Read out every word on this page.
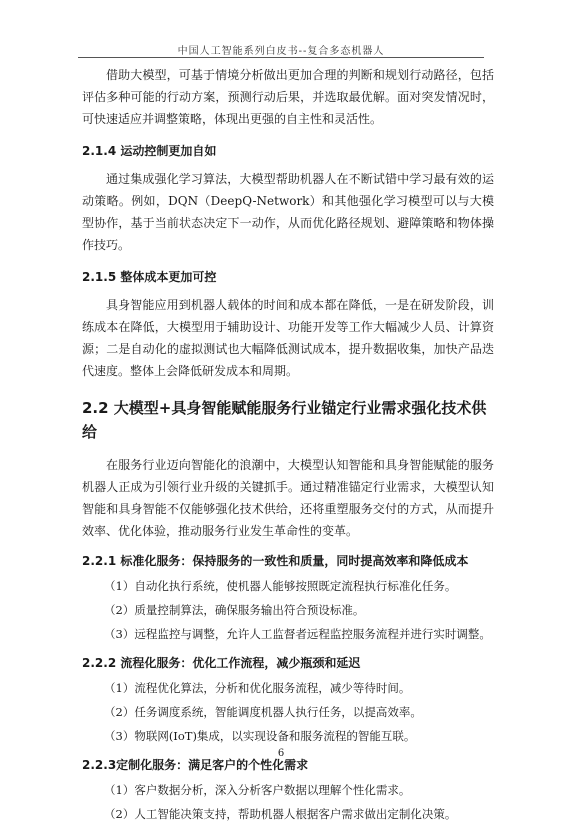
中国人工智能系列白皮书--复合多态机器人

借助大模型，可基于情境分析做出更加合理的判断和规划行动路径，包括评估多种可能的行动方案，预测行动后果，并选取最优解。面对突发情况时，可快速适应并调整策略，体现出更强的自主性和灵活性。

2.1.4 运动控制更加自如

通过集成强化学习算法，大模型帮助机器人在不断试错中学习最有效的运动策略。例如，DQN（DeepQ-Network）和其他强化学习模型可以与大模型协作，基于当前状态决定下一动作，从而优化路径规划、避障策略和物体操作技巧。

2.1.5 整体成本更加可控

具身智能应用到机器人载体的时间和成本都在降低，一是在研发阶段，训练成本在降低，大模型用于辅助设计、功能开发等工作大幅减少人员、计算资源；二是自动化的虚拟测试也大幅降低测试成本，提升数据收集，加快产品迭代速度。整体上会降低研发成本和周期。

2.2 大模型+具身智能赋能服务行业锚定行业需求强化技术供给

在服务行业迈向智能化的浪潮中，大模型认知智能和具身智能赋能的服务机器人正成为引领行业升级的关键抓手。通过精准锚定行业需求，大模型认知智能和具身智能不仅能够强化技术供给，还将重塑服务交付的方式，从而提升效率、优化体验，推动服务行业发生革命性的变革。

2.2.1 标准化服务：保持服务的一致性和质量，同时提高效率和降低成本
（1）自动化执行系统，使机器人能够按照既定流程执行标准化任务。
（2）质量控制算法，确保服务输出符合预设标准。
（3）远程监控与调整，允许人工监督者远程监控服务流程并进行实时调整。
2.2.2 流程化服务：优化工作流程，减少瓶颈和延迟
（1）流程优化算法，分析和优化服务流程，减少等待时间。
（2）任务调度系统，智能调度机器人执行任务，以提高效率。
（3）物联网(IoT)集成，以实现设备和服务流程的智能互联。
2.2.3定制化服务：满足客户的个性化需求
（1）客户数据分析，深入分析客户数据以理解个性化需求。
（2）人工智能决策支持，帮助机器人根据客户需求做出定制化决策。
6
